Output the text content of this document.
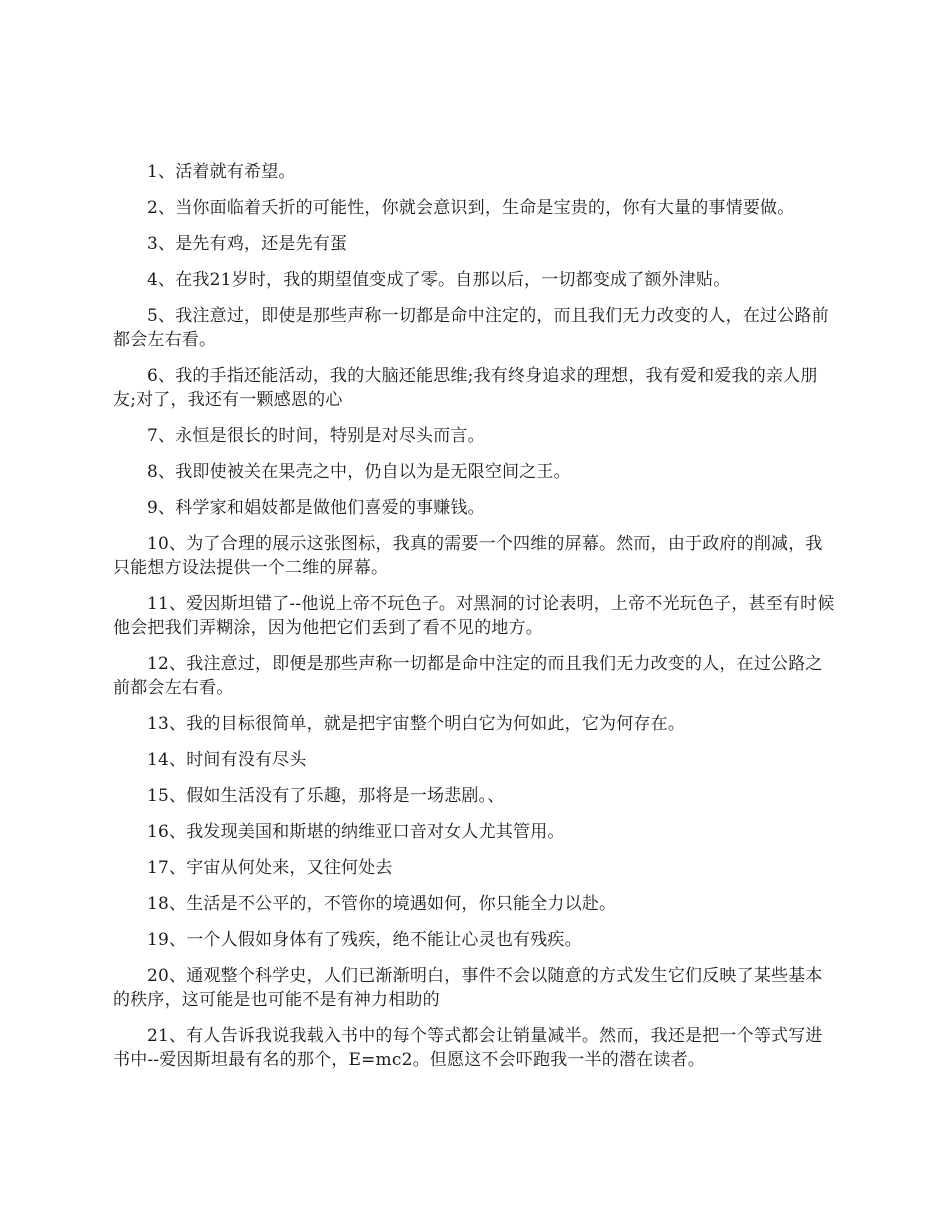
1、活着就有希望。

2、当你面临着夭折的可能性，你就会意识到，生命是宝贵的，你有大量的事情要做。

3、是先有鸡，还是先有蛋

4、在我21岁时，我的期望值变成了零。自那以后，一切都变成了额外津贴。

5、我注意过，即使是那些声称一切都是命中注定的，而且我们无力改变的人，在过公路前都会左右看。

6、我的手指还能活动，我的大脑还能思维;我有终身追求的理想，我有爱和爱我的亲人朋友;对了，我还有一颗感恩的心

7、永恒是很长的时间，特别是对尽头而言。

8、我即使被关在果壳之中，仍自以为是无限空间之王。

9、科学家和娼妓都是做他们喜爱的事赚钱。

10、为了合理的展示这张图标，我真的需要一个四维的屏幕。然而，由于政府的削减，我只能想方设法提供一个二维的屏幕。

11、爱因斯坦错了--他说上帝不玩色子。对黑洞的讨论表明，上帝不光玩色子，甚至有时候他会把我们弄糊涂，因为他把它们丢到了看不见的地方。

12、我注意过，即便是那些声称一切都是命中注定的而且我们无力改变的人，在过公路之前都会左右看。

13、我的目标很简单，就是把宇宙整个明白它为何如此，它为何存在。

14、时间有没有尽头

15、假如生活没有了乐趣，那将是一场悲剧。、

16、我发现美国和斯堪的纳维亚口音对女人尤其管用。

17、宇宙从何处来，又往何处去

18、生活是不公平的，不管你的境遇如何，你只能全力以赴。

19、一个人假如身体有了残疾，绝不能让心灵也有残疾。

20、通观整个科学史，人们已渐渐明白，事件不会以随意的方式发生它们反映了某些基本的秩序，这可能是也可能不是有神力相助的

21、有人告诉我说我载入书中的每个等式都会让销量减半。然而，我还是把一个等式写进书中--爱因斯坦最有名的那个，E=mc2。但愿这不会吓跑我一半的潜在读者。
